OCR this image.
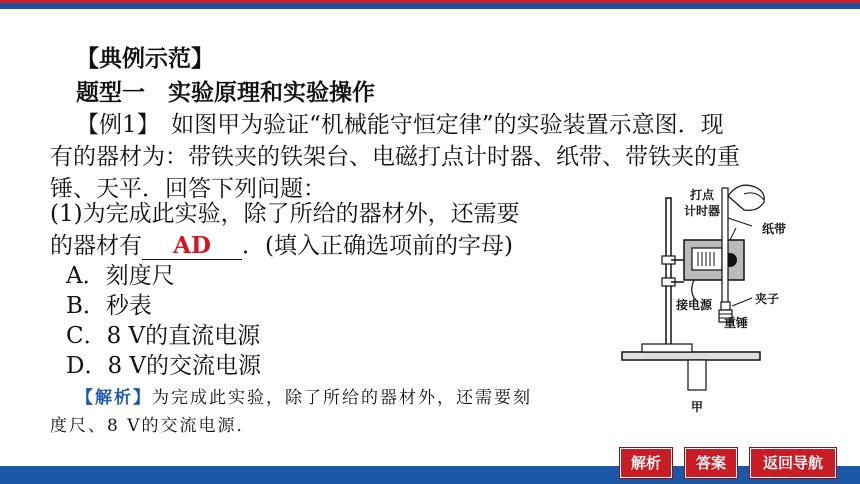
【典例示范】
题型一　实验原理和实验操作
【例1】　如图甲为验证“机械能守恒定律”的实验装置示意图．现
有的器材为：带铁夹的铁架台、电磁打点计时器、纸带、带铁夹的重
锤、天平．回答下列问题：
(1)为完成此实验，除了所给的器材外，还需要
的器材有 AD ．(填入正确选项前的字母)
A．刻度尺
B．秒表
C．8 V的直流电源
D．8 V的交流电源
【解析】为完成此实验，除了所给的器材外，还需要刻
度尺、8 V的交流电源．
打点
计时器
纸带
接电源	夹子
重锤
甲
解析	答案	返回导航
